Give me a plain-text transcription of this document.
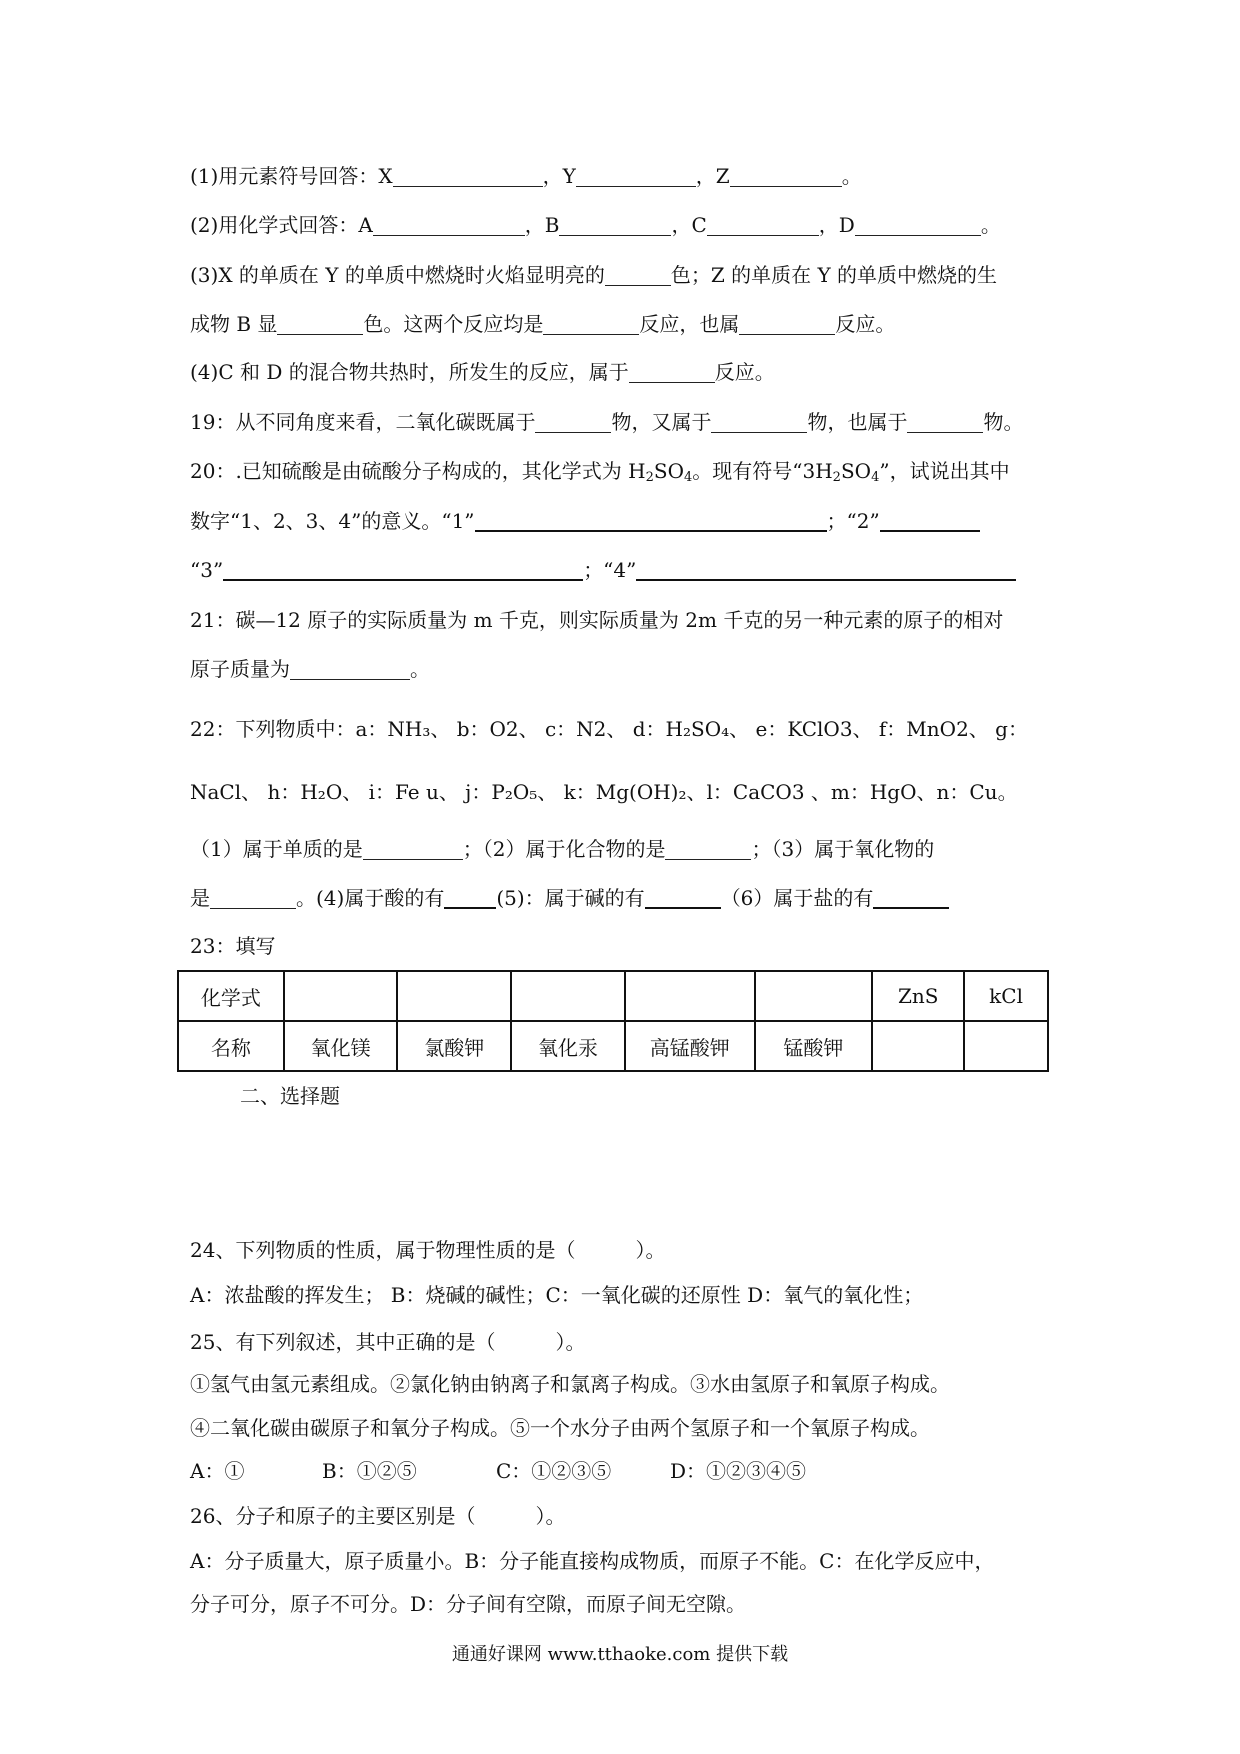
(1)用元素符号回答：X	，Y	，Z	。
(2)用化学式回答：A	，B	，C	，D	。
(3)X 的单质在 Y 的单质中燃烧时火焰显明亮的	色；Z 的单质在 Y 的单质中燃烧的生
成物 B 显	色。这两个反应均是	反应，也属	反应。
(4)C 和 D 的混合物共热时，所发生的反应，属于	反应。
19：从不同角度来看，二氧化碳既属于	物，又属于	物，也属于	物。
20：.已知硫酸是由硫酸分子构成的，其化学式为 $H_2SO_4$。现有符号“$3H_2SO_4$”，试说出其中
数字“1、2、3、4”的意义。“1”	；“2”
“3”	；“4”
21：碳—12 原子的实际质量为 m 千克，则实际质量为 2m 千克的另一种元素的原子的相对
原子质量为	。
22：下列物质中：a：NH₃、 b：O2、 c：N2、 d：H₂SO₄、 e：KClO3、 f：MnO2、 g：
NaCl、 h：H₂O、 i：Fe u、 j：P₂O₅、 k：Mg(OH)₂、l：CaCO3 、m：HgO、n：Cu。
（1）属于单质的是	；（2）属于化合物的是	；（3）属于氧化物的
是	。(4)属于酸的有	(5)：属于碱的有	（6）属于盐的有
23：填写
化学式						ZnS	kCl
名称	氧化镁	氯酸钾	氧化汞	高锰酸钾	锰酸钾		
二、选择题
24、下列物质的性质，属于物理性质的是（　　　）。
A：浓盐酸的挥发生； B：烧碱的碱性；C：一氧化碳的还原性 D：氧气的氧化性；
25、有下列叙述，其中正确的是（　　　）。
①氢气由氢元素组成。②氯化钠由钠离子和氯离子构成。③水由氢原子和氧原子构成。
④二氧化碳由碳原子和氧分子构成。⑤一个水分子由两个氢原子和一个氧原子构成。
A：①	B：①②⑤	C：①②③⑤	D：①②③④⑤
26、分子和原子的主要区别是（　　　）。
A：分子质量大，原子质量小。B：分子能直接构成物质，而原子不能。C：在化学反应中，
分子可分，原子不可分。D：分子间有空隙，而原子间无空隙。
通通好课网 www.tthaoke.com 提供下载
